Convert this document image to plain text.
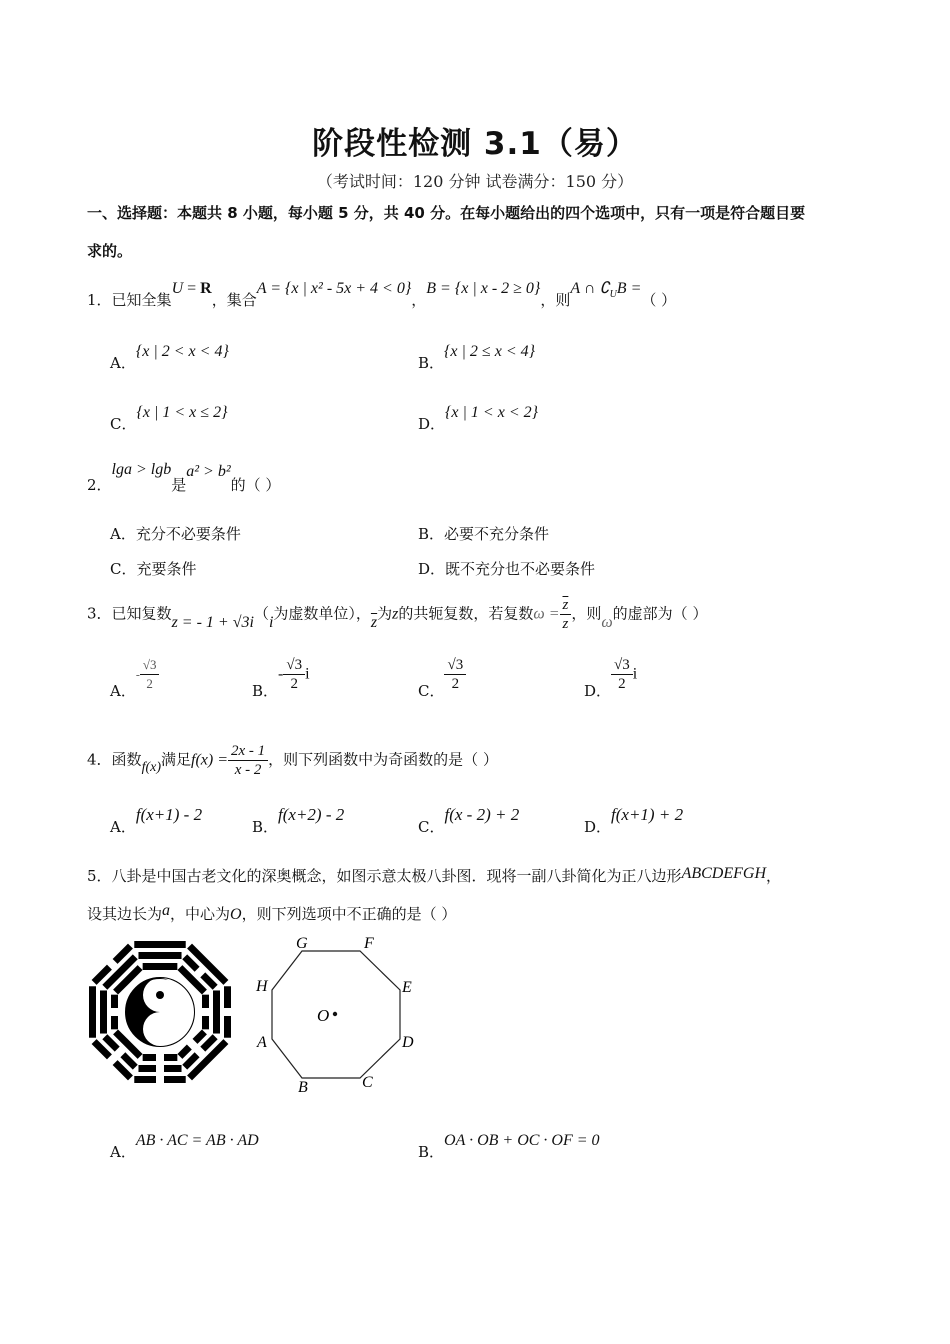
阶段性检测 3.1（易）
（考试时间：120 分钟 试卷满分：150 分）
一、选择题：本题共 8 小题，每小题 5 分，共 40 分。在每小题给出的四个选项中，只有一项是符合题目要
求的。
1．已知全集U = R，集合A = {x | x² - 5x + 4 < 0}，B = {x | x - 2 ≥ 0}，则A ∩ $∁_UB$ =（ ）
A．{x | 2 < x < 4}
B．{x | 2 ≤ x < 4}
C．{x | 1 < x ≤ 2}
D．{x | 1 < x < 2}
2．lga > lgb是a² > b²的（ ）
A．充分不必要条件	B．必要不充分条件
C．充要条件	D．既不充分也不必要条件
3．已知复数z = - 1 + √3i（i为虚数单位），$\overline{z}$为z的共轭复数，若复数$\omega = \frac{\overline{z}}{z}$ ，则ω的虚部为（ ）
A．- $\frac{√3}{2}$	B．- $\frac{√3}{2}$ i
C． $\frac{√3}{2}$	D． $\frac{√3}{2}$ i
4．函数f(x)满足$f(x) = \frac{2x - 1}{x - 2}$ ，则下列函数中为奇函数的是（ ）
A．f(x+1) - 2
B．f(x+2) - 2
C．f(x - 2) + 2
D．f(x+1) + 2
5．八卦是中国古老文化的深奥概念，如图示意太极八卦图．现将一副八卦简化为正八边形ABCDEFGH，
设其边长为a，中心为O，则下列选项中不正确的是（ ）
G	F
H	E
O
A	D
B	C
A．AB · AC = AB · AD
B．OA · OB + OC · OF = 0
